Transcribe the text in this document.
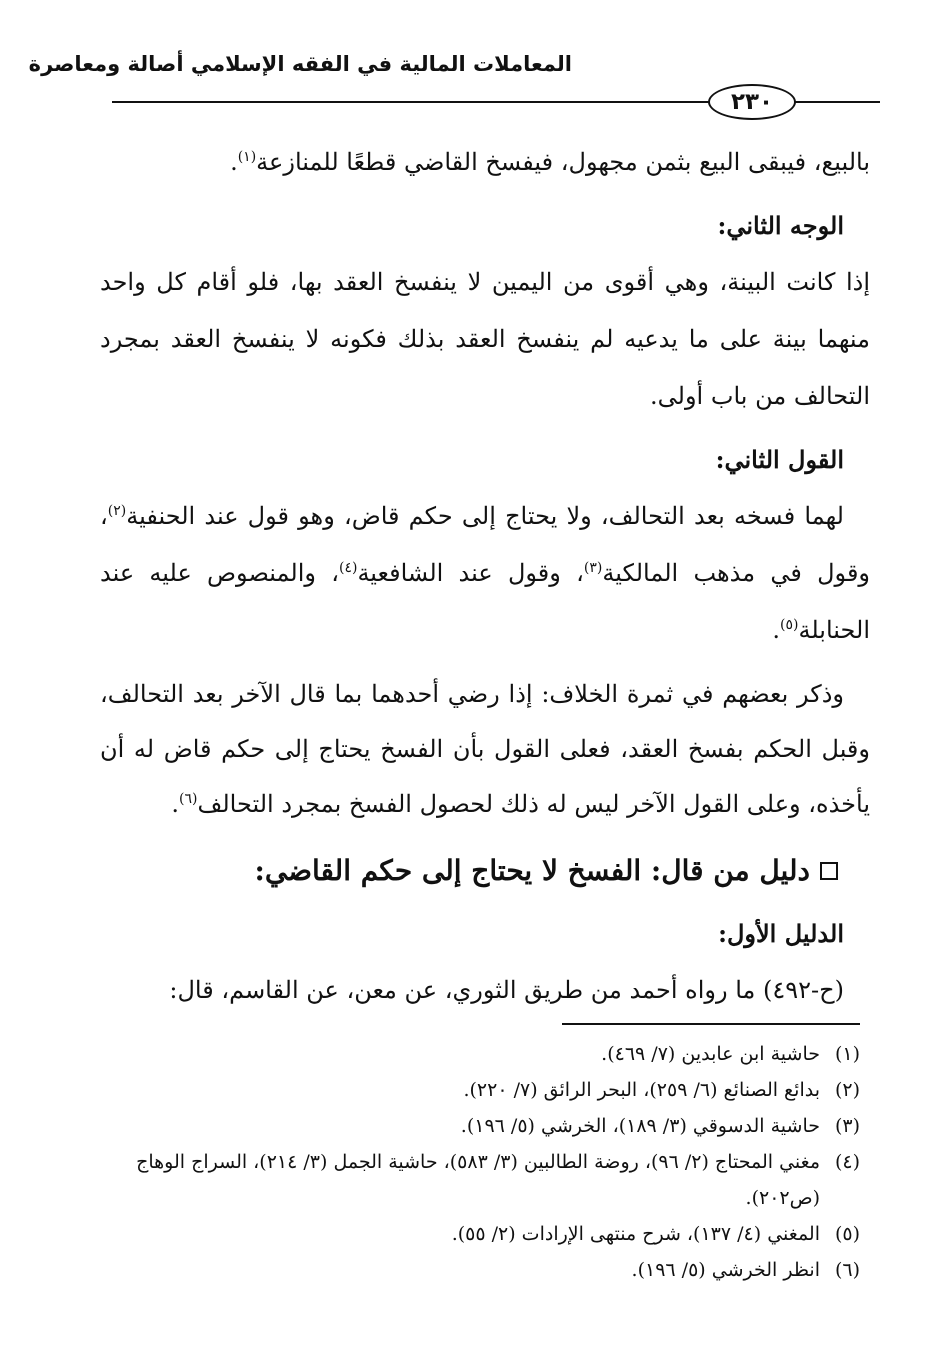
المعاملات المالية في الفقه الإسلامي أصالة ومعاصرة
٢٣٠

بالبيع، فيبقى البيع بثمن مجهول، فيفسخ القاضي قطعًا للمنازعة$^{(١)}$.

الوجه الثاني:

إذا كانت البينة، وهي أقوى من اليمين لا ينفسخ العقد بها، فلو أقام كل واحد منهما بينة على ما يدعيه لم ينفسخ العقد بذلك فكونه لا ينفسخ العقد بمجرد التحالف من باب أولى.

القول الثاني:

لهما فسخه بعد التحالف، ولا يحتاج إلى حكم قاض، وهو قول عند الحنفية$^{(٢)}$، وقول في مذهب المالكية$^{(٣)}$، وقول عند الشافعية$^{(٤)}$، والمنصوص عليه عند الحنابلة$^{(٥)}$.

وذكر بعضهم في ثمرة الخلاف: إذا رضي أحدهما بما قال الآخر بعد التحالف، وقبل الحكم بفسخ العقد، فعلى القول بأن الفسخ يحتاج إلى حكم قاض له أن يأخذه، وعلى القول الآخر ليس له ذلك لحصول الفسخ بمجرد التحالف$^{(٦)}$.

دليل من قال: الفسخ لا يحتاج إلى حكم القاضي:
الدليل الأول:

(ح-٤٩٢) ما رواه أحمد من طريق الثوري، عن معن، عن القاسم، قال:

(١)
حاشية ابن عابدين (٧/ ٤٦٩).
(٢)
بدائع الصنائع (٦/ ٢٥٩)، البحر الرائق (٧/ ٢٢٠).
(٣)
حاشية الدسوقي (٣/ ١٨٩)، الخرشي (٥/ ١٩٦).
(٤)
مغني المحتاج (٢/ ٩٦)، روضة الطالبين (٣/ ٥٨٣)، حاشية الجمل (٣/ ٢١٤)، السراج الوهاج (ص٢٠٢).
(٥)
المغني (٤/ ١٣٧)، شرح منتهى الإرادات (٢/ ٥٥).
(٦)
انظر الخرشي (٥/ ١٩٦).
